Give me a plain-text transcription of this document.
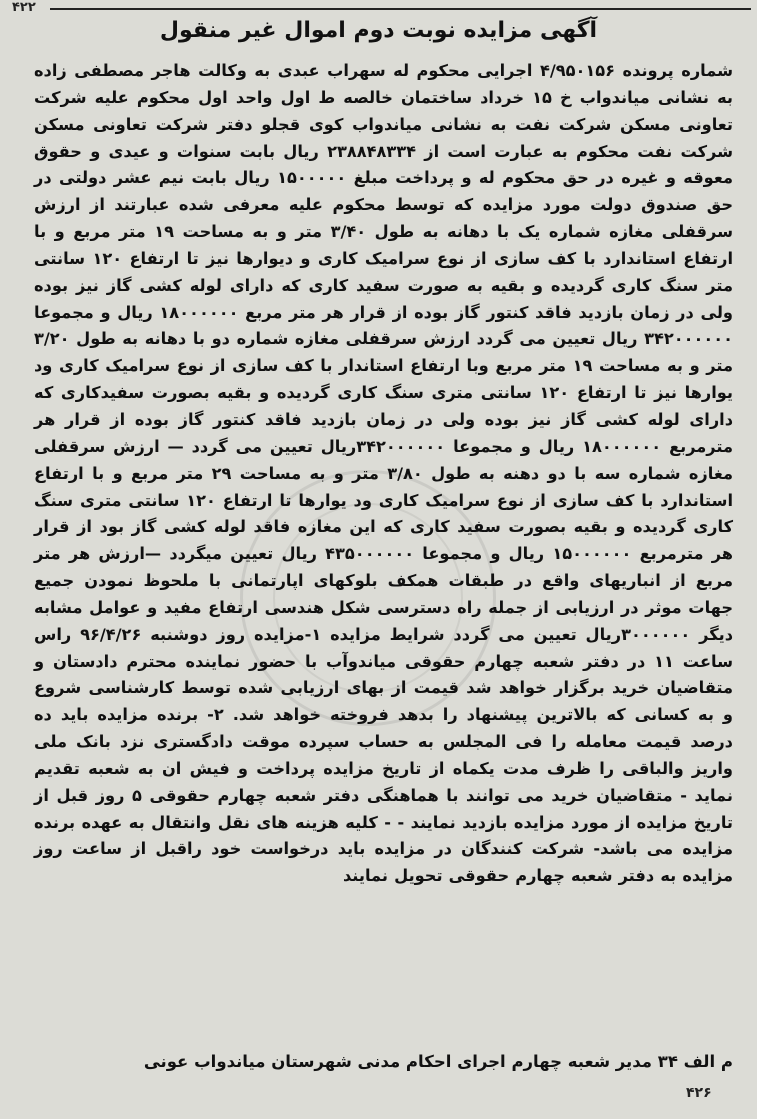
۴۲۲
آگهی مزایده نوبت دوم اموال غیر منقول

شماره پرونده ۴/۹۵۰۱۵۶ اجرایی محکوم له سهراب عبدی به وکالت هاجر مصطفی زاده به نشانی میاندواب خ ۱۵ خرداد ساختمان خالصه ط اول واحد اول محکوم علیه شرکت تعاونی مسکن شرکت نفت به نشانی میاندواب کوی قجلو دفتر شرکت تعاونی مسکن شرکت نفت محکوم به عبارت است از ۲۳۸۸۴۸۳۳۴ ریال بابت سنوات و عیدی و حقوق معوقه و غیره در حق محکوم له و پرداخت مبلغ ۱۵۰۰۰۰۰ ریال بابت نیم عشر دولتی در حق صندوق دولت مورد مزایده که توسط محکوم علیه معرفی شده عبارتند از ارزش سرقفلی مغازه شماره یک با دهانه به طول ۳/۴۰ متر و به مساحت ۱۹ متر مربع و با ارتفاع استاندارد با کف سازی از نوع سرامیک کاری و دیوارها نیز تا ارتفاع ۱۲۰ سانتی متر سنگ کاری گردیده و بقیه به صورت سفید کاری که دارای لوله کشی گاز نیز بوده ولی در زمان بازدید فاقد کنتور گاز بوده از قرار هر متر مربع ۱۸۰۰۰۰۰۰ ریال و مجموعا ۳۴۲۰۰۰۰۰۰ ریال تعیین می گردد ارزش سرقفلی مغازه شماره دو با دهانه به طول ۳/۲۰ متر و به مساحت ۱۹ متر مربع وبا ارتفاع استاندار با کف سازی از نوع سرامیک کاری ود یوارها نیز تا ارتفاع ۱۲۰ سانتی متری سنگ کاری گردیده و بقیه بصورت سفیدکاری که دارای لوله کشی گاز نیز بوده ولی در زمان بازدید فاقد کنتور گاز بوده از قرار هر مترمربع ۱۸۰۰۰۰۰۰ ریال و مجموعا ۳۴۲۰۰۰۰۰۰ریال تعیین می گردد — ارزش سرقفلی مغازه شماره سه با دو دهنه به طول ۳/۸۰ متر و به مساحت ۲۹ متر مربع و با ارتفاع استاندارد با کف سازی از نوع سرامیک کاری ود یوارها تا ارتفاع ۱۲۰ سانتی متری سنگ کاری گردیده و بقیه بصورت سفید کاری که این مغازه فاقد لوله کشی گاز بود از قرار هر مترمربع ۱۵۰۰۰۰۰۰ ریال و مجموعا ۴۳۵۰۰۰۰۰۰ ریال تعیین میگردد —ارزش هر متر مربع از انباریهای واقع در طبقات همکف بلوکهای اپارتمانی با ملحوظ نمودن جمیع جهات موثر در ارزیابی از جمله راه دسترسی شکل هندسی ارتفاع مفید و عوامل مشابه دیگر ۳۰۰۰۰۰۰ریال تعیین می گردد شرایط مزایده ۱-مزایده روز دوشنبه ۹۶/۴/۲۶ راس ساعت ۱۱ در دفتر شعبه چهارم حقوقی میاندوآب با حضور نماینده محترم دادستان و متقاضیان خرید برگزار خواهد شد قیمت از بهای ارزیابی شده توسط کارشناسی شروع و به کسانی که بالاترین پیشنهاد را بدهد فروخته خواهد شد. ۲- برنده مزایده باید ده درصد قیمت معامله را فی المجلس به حساب سپرده موقت دادگستری نزد بانک ملی واریز والباقی را ظرف مدت یکماه از تاریخ مزایده پرداخت و فیش ان به شعبه تقدیم نماید - متقاضیان خرید می توانند با هماهنگی دفتر شعبه چهارم حقوقی ۵ روز قبل از تاریخ مزایده از مورد مزایده بازدید نمایند - - کلیه هزینه های نقل وانتقال به عهده برنده مزایده می باشد- شرکت کنندگان در مزایده باید درخواست خود راقبل از ساعت روز مزایده به دفتر شعبه چهارم حقوقی تحویل نمایند

م الف ۳۴ مدیر شعبه چهارم اجرای احکام مدنی شهرستان میاندواب عونی
۴۲۶
